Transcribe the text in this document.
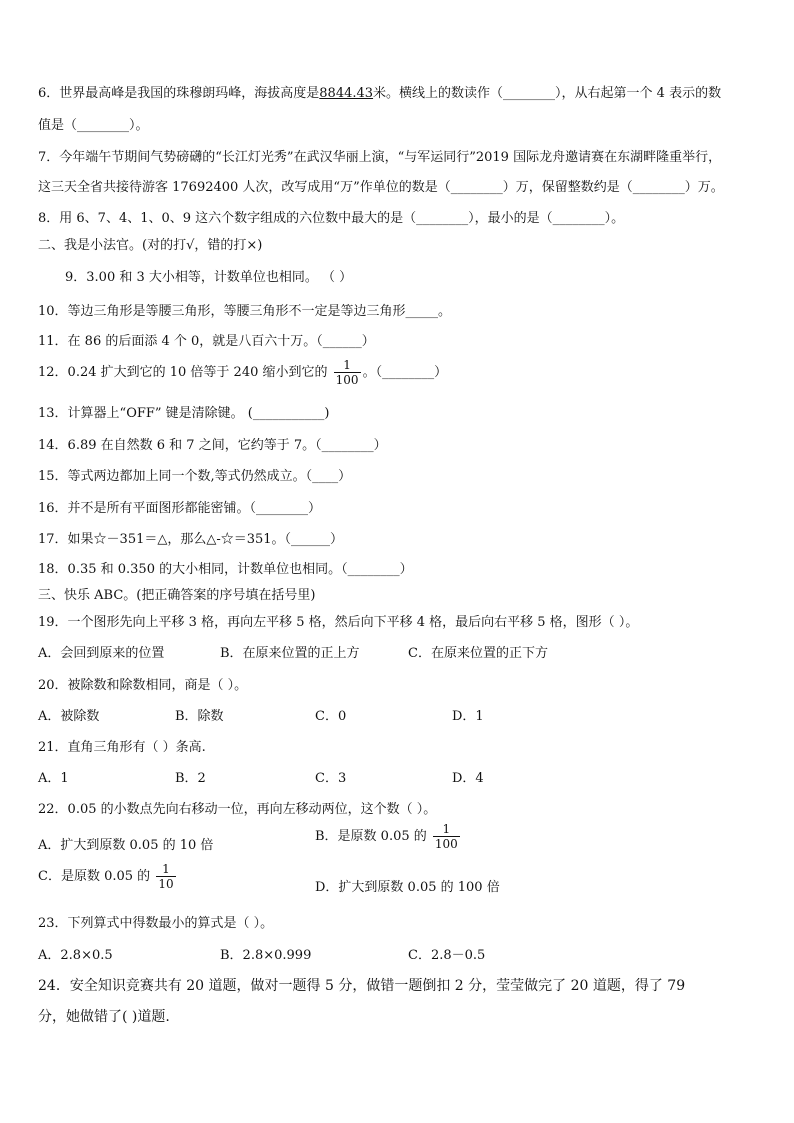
6．世界最高峰是我国的珠穆朗玛峰，海拔高度是8844.43米。横线上的数读作（________），从右起第一个 4 表示的数
值是（________）。
7．今年端午节期间气势磅礴的“长江灯光秀”在武汉华丽上演，“与军运同行”2019 国际龙舟邀请赛在东湖畔隆重举行，
这三天全省共接待游客 17692400 人次，改写成用“万”作单位的数是（________）万，保留整数约是（________）万。
8．用 6、7、4、1、0、9 这六个数字组成的六位数中最大的是（________），最小的是（________）。
二、我是小法官。(对的打√，错的打×)
9．3.00 和 3 大小相等，计数单位也相同。 （ ）
10．等边三角形是等腰三角形，等腰三角形不一定是等边三角形_____。
11．在 86 的后面添 4 个 0，就是八百六十万。（______）
12．0.24 扩大到它的 10 倍等于 240 缩小到它的 $\frac{1}{100}$ 。（________）
13．计算器上“OFF” 键是清除键。 (___________)
14．6.89 在自然数 6 和 7 之间，它约等于 7。（________）
15．等式两边都加上同一个数,等式仍然成立。（____）
16．并不是所有平面图形都能密铺。（________）
17．如果☆－351＝△，那么△-☆＝351。（______）
18．0.35 和 0.350 的大小相同，计数单位也相同。（________）
三、快乐 ABC。(把正确答案的序号填在括号里)
19．一个图形先向上平移 3 格，再向左平移 5 格，然后向下平移 4 格，最后向右平移 5 格，图形（ ）。
A．会回到原来的位置	B．在原来位置的正上方	C．在原来位置的正下方
20．被除数和除数相同，商是（ ）。
A．被除数	B．除数	C．0	D．1
21．直角三角形有（ ）条高.
A．1	B．2	C．3	D．4
22．0.05 的小数点先向右移动一位，再向左移动两位，这个数（ ）。
A．扩大到原数 0.05 的 10 倍
B．是原数 0.05 的 $\frac{1}{100}$
C．是原数 0.05 的 $\frac{1}{10}$	D．扩大到原数 0.05 的 100 倍
23．下列算式中得数最小的算式是（ ）。
A．2.8×0.5	B．2.8×0.999	C．2.8－0.5
24．安全知识竞赛共有 20 道题，做对一题得 5 分，做错一题倒扣 2 分，莹莹做完了 20 道题，得了 79
分，她做错了( )道题.
